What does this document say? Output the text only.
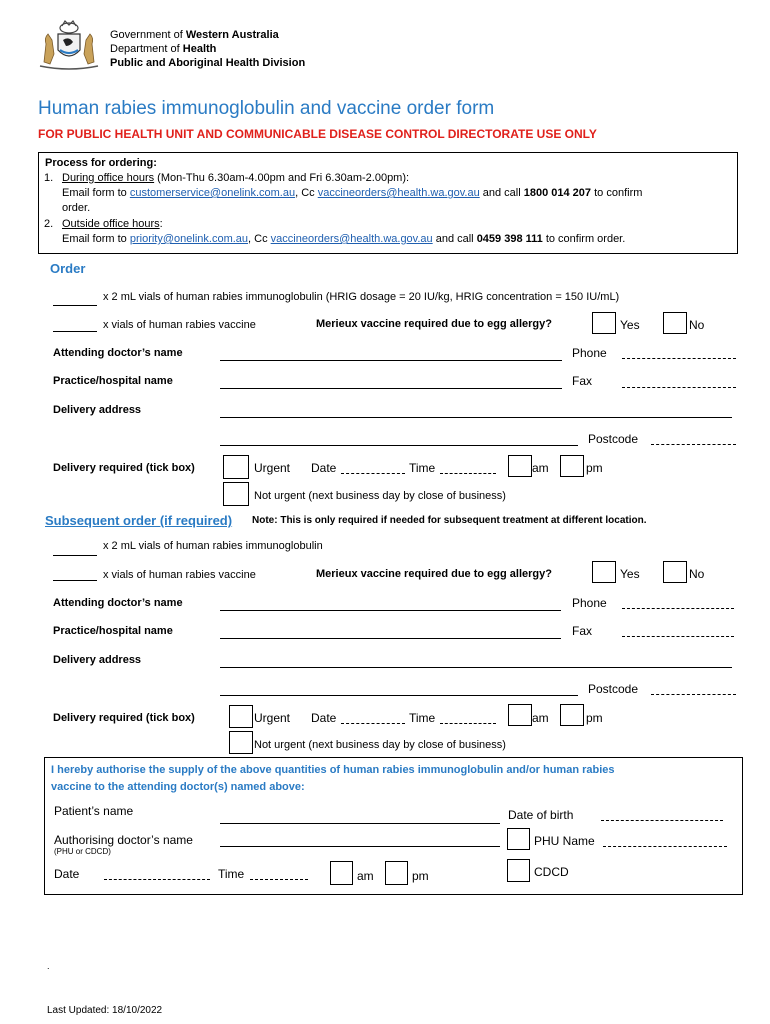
Government of Western Australia
Department of Health
Public and Aboriginal Health Division
Human rabies immunoglobulin and vaccine order form
FOR PUBLIC HEALTH UNIT AND COMMUNICABLE DISEASE CONTROL DIRECTORATE USE ONLY
Process for ordering:
1. During office hours (Mon-Thu 6.30am-4.00pm and Fri 6.30am-2.00pm):
Email form to customerservice@onelink.com.au, Cc vaccineorders@health.wa.gov.au and call 1800 014 207 to confirm
order.
2. Outside office hours:
Email form to priority@onelink.com.au, Cc vaccineorders@health.wa.gov.au and call 0459 398 111 to confirm order.
Order
x 2 mL vials of human rabies immunoglobulin (HRIG dosage = 20 IU/kg, HRIG concentration = 150 IU/mL)
x vials of human rabies vaccine	Merieux vaccine required due to egg allergy?	Yes	No
Attending doctor’s name	Phone
Practice/hospital name	Fax
Delivery address
Postcode
Delivery required (tick box)	Urgent Date	Time	am	pm
Not urgent (next business day by close of business)
Subsequent order (if required) Note: This is only required if needed for subsequent treatment at different location.
x 2 mL vials of human rabies immunoglobulin
x vials of human rabies vaccine	Merieux vaccine required due to egg allergy?	Yes	No
Attending doctor’s name	Phone
Practice/hospital name	Fax
Delivery address
Postcode
Delivery required (tick box)	Urgent Date	Time	am	pm
Not urgent (next business day by close of business)
I hereby authorise the supply of the above quantities of human rabies immunoglobulin and/or human rabies
vaccine to the attending doctor(s) named above:
Patient’s name	Date of birth
Authorising doctor’s name
(PHU or CDCD)
PHU Name
Date	Time	am	pm	CDCD
.
Last Updated: 18/10/2022
